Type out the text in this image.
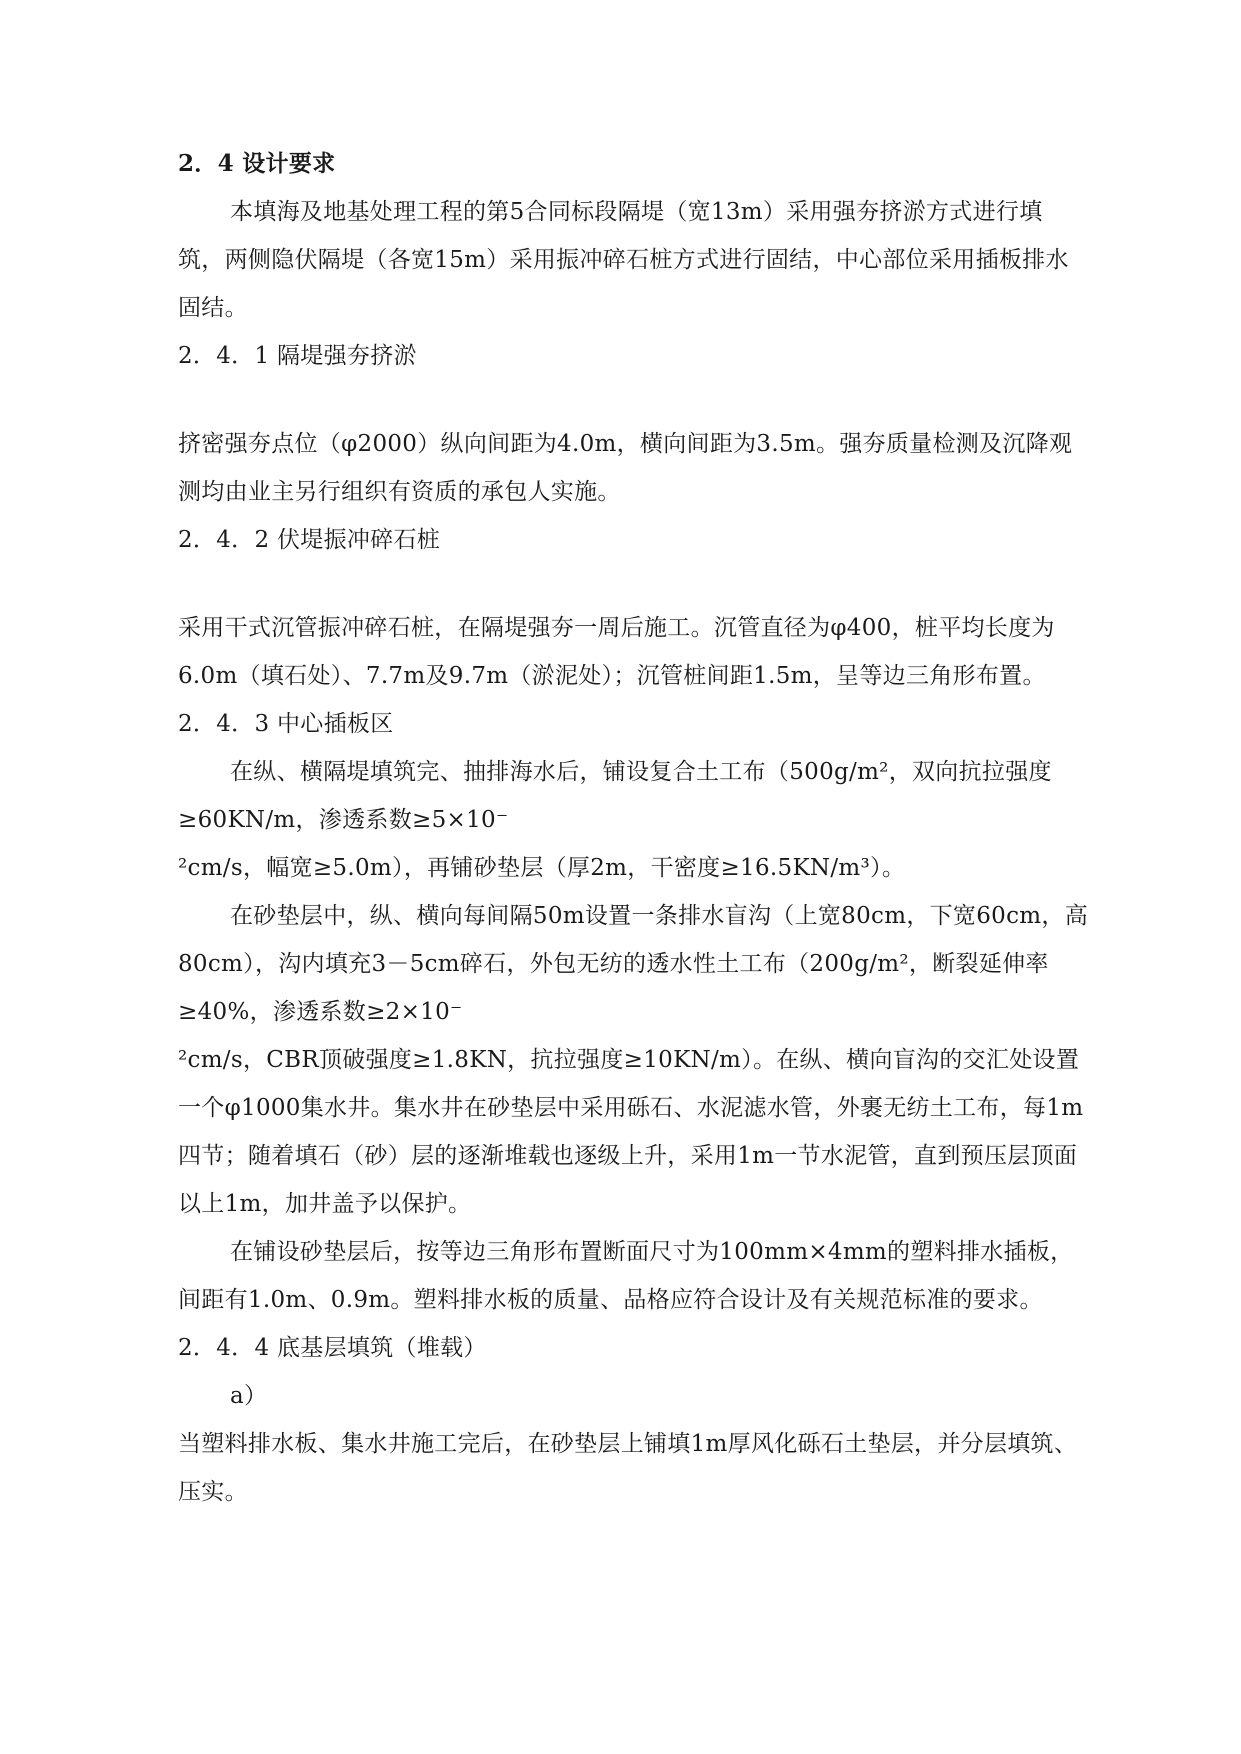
2．4 设计要求

本填海及地基处理工程的第5合同标段隔堤（宽13m）采用强夯挤淤方式进行填筑，两侧隐伏隔堤（各宽15m）采用振冲碎石桩方式进行固结，中心部位采用插板排水固结。

2．4．1 隔堤强夯挤淤

挤密强夯点位（φ2000）纵向间距为4.0m，横向间距为3.5m。强夯质量检测及沉降观测均由业主另行组织有资质的承包人实施。

2．4．2 伏堤振冲碎石桩

采用干式沉管振冲碎石桩，在隔堤强夯一周后施工。沉管直径为φ400，桩平均长度为6.0m（填石处）、7.7m及9.7m（淤泥处）；沉管桩间距1.5m，呈等边三角形布置。

2．4．3 中心插板区

在纵、横隔堤填筑完、抽排海水后，铺设复合土工布（500g/m²，双向抗拉强度≥60KN/m，渗透系数≥5×10⁻

²cm/s，幅宽≥5.0m），再铺砂垫层（厚2m，干密度≥16.5KN/m³）。

在砂垫层中，纵、横向每间隔50m设置一条排水盲沟（上宽80cm，下宽60cm，高80cm），沟内填充3－5cm碎石，外包无纺的透水性土工布（200g/m²，断裂延伸率≥40%，渗透系数≥2×10⁻

²cm/s，CBR顶破强度≥1.8KN，抗拉强度≥10KN/m）。在纵、横向盲沟的交汇处设置一个φ1000集水井。集水井在砂垫层中采用砾石、水泥滤水管，外裹无纺土工布，每1m四节；随着填石（砂）层的逐渐堆载也逐级上升，采用1m一节水泥管，直到预压层顶面以上1m，加井盖予以保护。

在铺设砂垫层后，按等边三角形布置断面尺寸为100mm×4mm的塑料排水插板，间距有1.0m、0.9m。塑料排水板的质量、品格应符合设计及有关规范标准的要求。

2．4．4 底基层填筑（堆载）

a）

当塑料排水板、集水井施工完后，在砂垫层上铺填1m厚风化砾石土垫层，并分层填筑、压实。
